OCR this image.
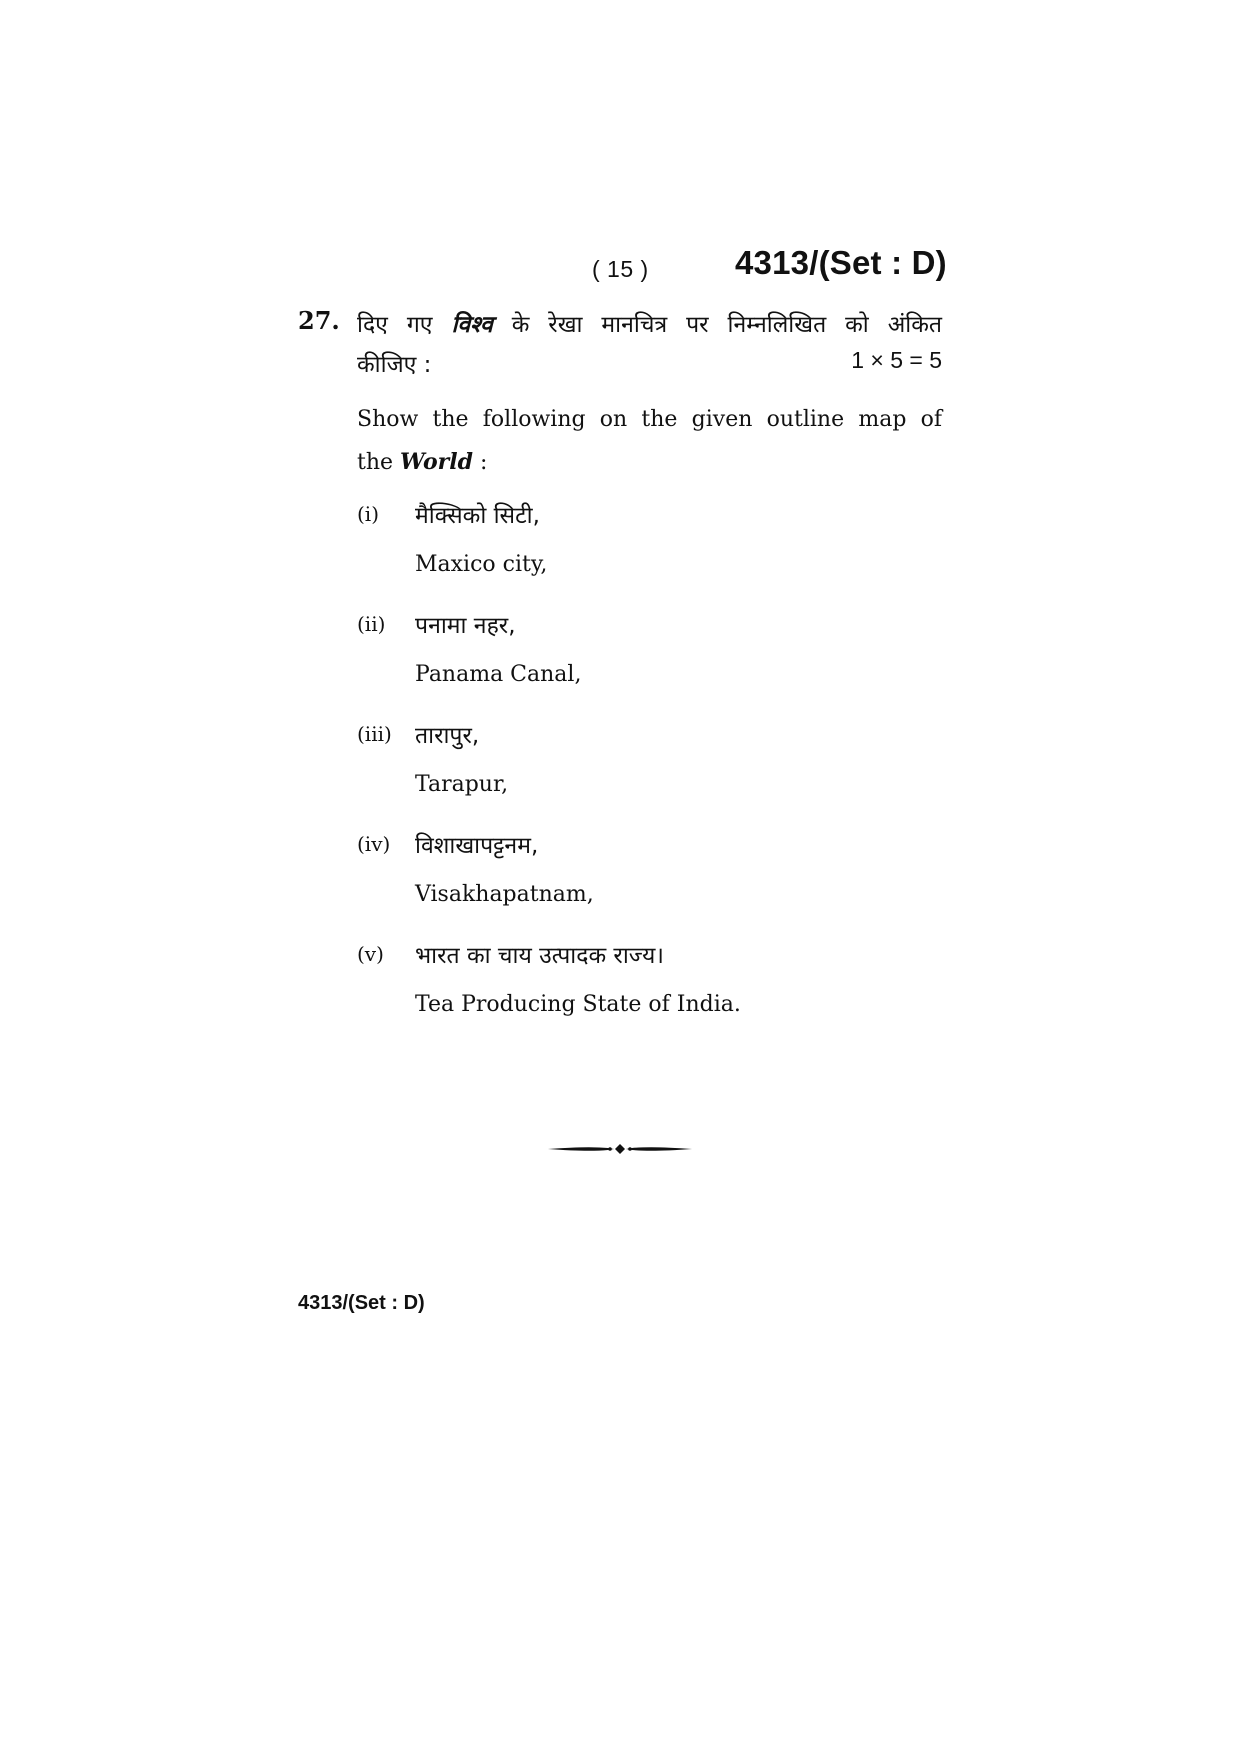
( 15 )	4313/(Set : D)
27. दिए गए विश्व के रेखा मानचित्र पर निम्नलिखित को अंकित
कीजिए :	1 × 5 = 5
Show the following on the given outline map of
the World :
(i) मैक्सिको सिटी,
Maxico city,
(ii) पनामा नहर,
Panama Canal,
(iii) तारापुर,
Tarapur,
(iv) विशाखापट्टनम,
Visakhapatnam,
(v) भारत का चाय उत्पादक राज्य।
Tea Producing State of India.
4313/(Set : D)
